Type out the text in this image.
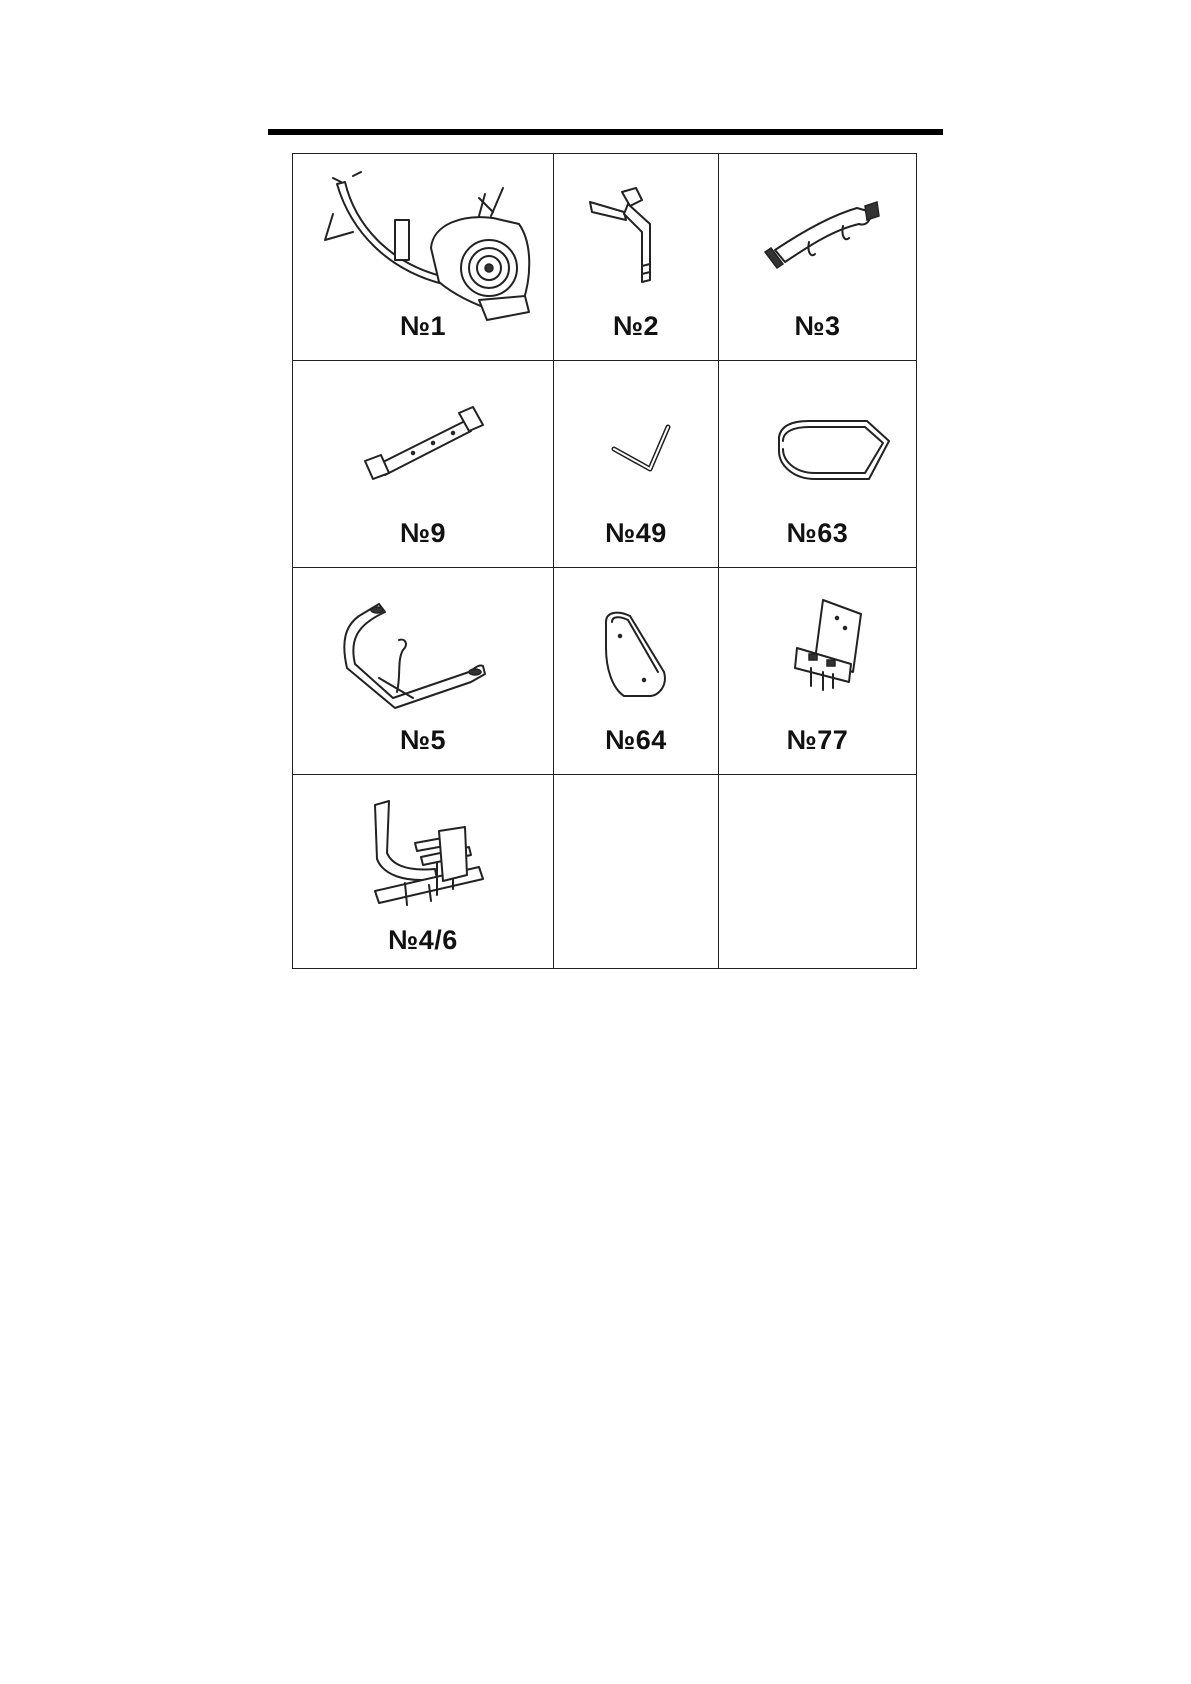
№1	№2	№3

№9	№49	№63

№5	№64	№77

№4/6		
